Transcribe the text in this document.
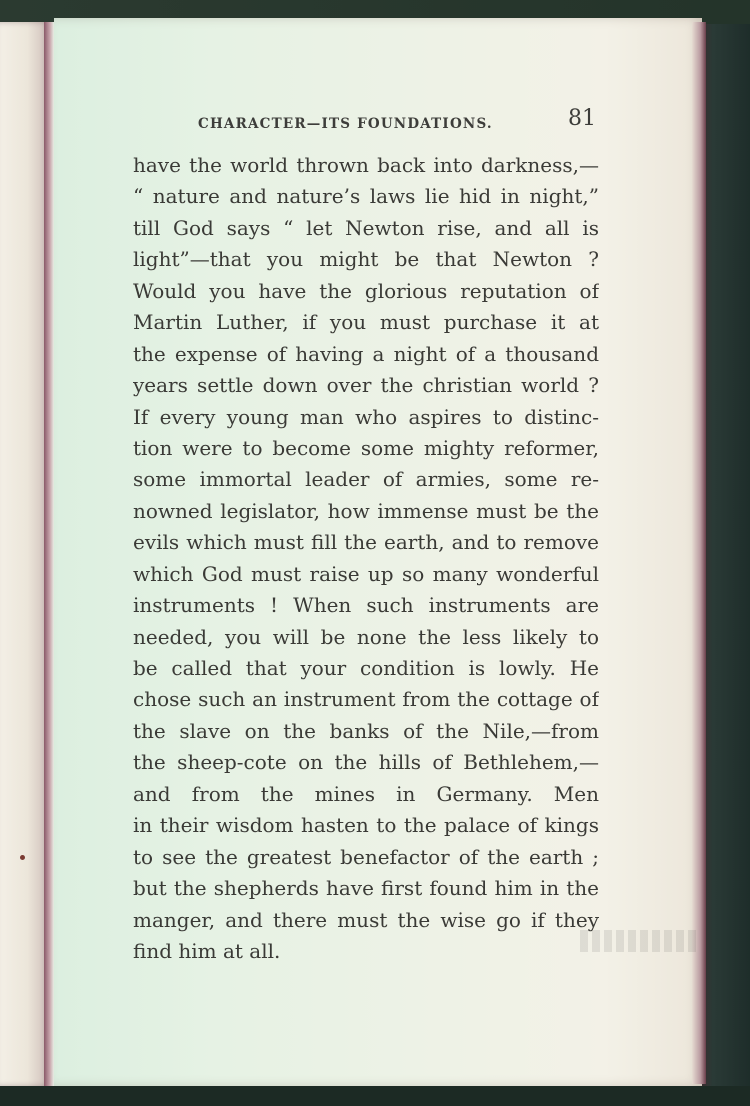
CHARACTER—ITS FOUNDATIONS.	81
have the world thrown back into darkness,—
“ nature and nature’s laws lie hid in night,”
till God says “ let Newton rise, and all is
light”—that you might be that Newton ?
Would you have the glorious reputation of
Martin Luther, if you must purchase it at
the expense of having a night of a thousand
years settle down over the christian world ?
If every young man who aspires to distinc-
tion were to become some mighty reformer,
some immortal leader of armies, some re-
nowned legislator, how immense must be the
evils which must fill the earth, and to remove
which God must raise up so many wonderful
instruments ! When such instruments are
needed, you will be none the less likely to
be called that your condition is lowly. He
chose such an instrument from the cottage of
the slave on the banks of the Nile,—from
the sheep-cote on the hills of Bethlehem,—
and from the mines in Germany. Men
in their wisdom hasten to the palace of kings
to see the greatest benefactor of the earth ;
but the shepherds have first found him in the
manger, and there must the wise go if they
find him at all.
